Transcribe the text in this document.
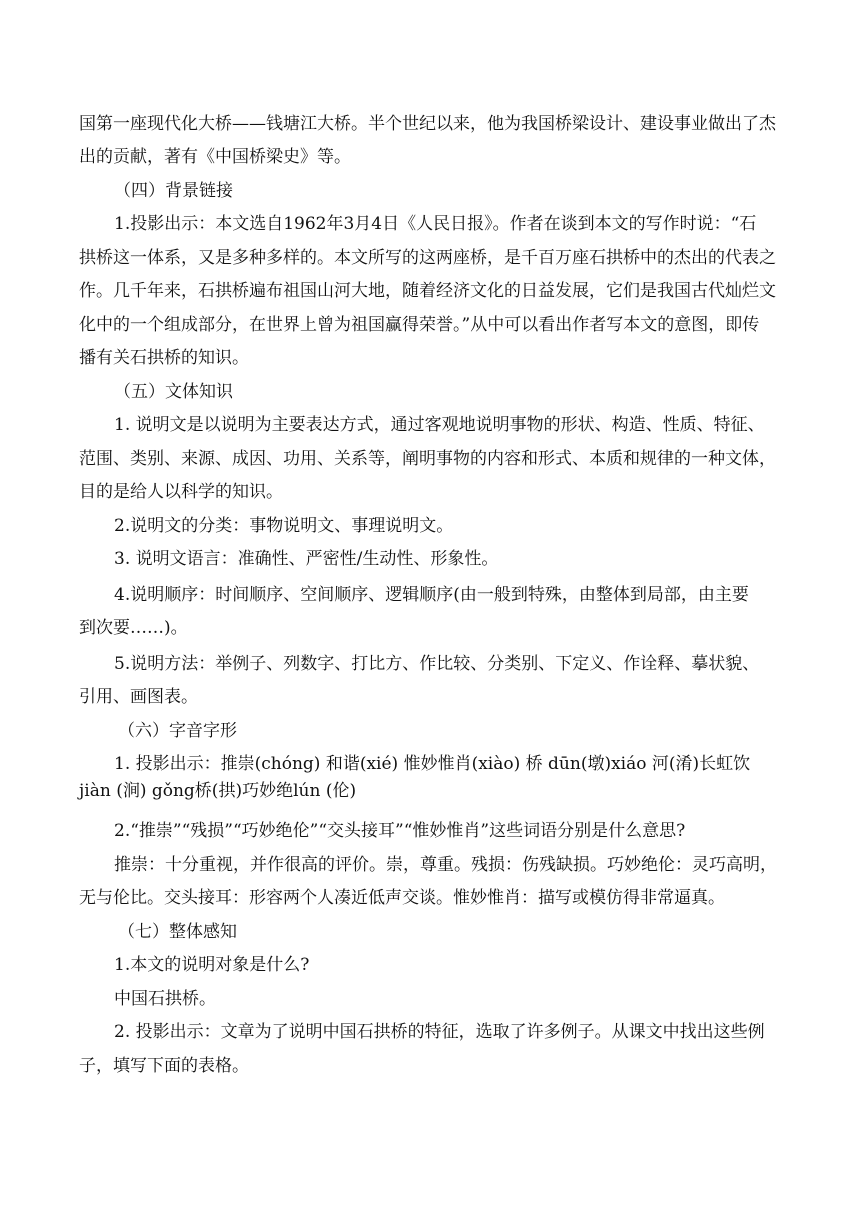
国第一座现代化大桥——钱塘江大桥。半个世纪以来，他为我国桥梁设计、建设事业做出了杰

出的贡献，著有《中国桥梁史》等。

（四）背景链接

1.投影出示：本文选自1962年3月4日《人民日报》。作者在谈到本文的写作时说：“石

拱桥这一体系，又是多种多样的。本文所写的这两座桥，是千百万座石拱桥中的杰出的代表之

作。几千年来，石拱桥遍布祖国山河大地，随着经济文化的日益发展，它们是我国古代灿烂文

化中的一个组成部分，在世界上曾为祖国赢得荣誉。”从中可以看出作者写本文的意图，即传

播有关石拱桥的知识。

（五）文体知识

1. 说明文是以说明为主要表达方式，通过客观地说明事物的形状、构造、性质、特征、

范围、类别、来源、成因、功用、关系等，阐明事物的内容和形式、本质和规律的一种文体，

目的是给人以科学的知识。

2.说明文的分类：事物说明文、事理说明文。

3. 说明文语言：准确性、严密性/生动性、形象性。

4.说明顺序：时间顺序、空间顺序、逻辑顺序(由一般到特殊，由整体到局部，由主要

到次要……)。

5.说明方法：举例子、列数字、打比方、作比较、分类别、下定义、作诠释、摹状貌、

引用、画图表。

（六）字音字形

1. 投影出示：推崇(chóng) 和谐(xié) 惟妙惟肖(xiào) 桥 dūn(墩)xiáo 河(淆)长虹饮

jiàn (涧) gǒng桥(拱)巧妙绝lún (伦)

2.“推崇”“残损”“巧妙绝伦”“交头接耳”“惟妙惟肖”这些词语分别是什么意思?

推崇：十分重视，并作很高的评价。崇，尊重。残损：伤残缺损。巧妙绝伦：灵巧高明，

无与伦比。交头接耳：形容两个人凑近低声交谈。惟妙惟肖：描写或模仿得非常逼真。

（七）整体感知

1.本文的说明对象是什么?

中国石拱桥。

2. 投影出示：文章为了说明中国石拱桥的特征，选取了许多例子。从课文中找出这些例

子，填写下面的表格。
